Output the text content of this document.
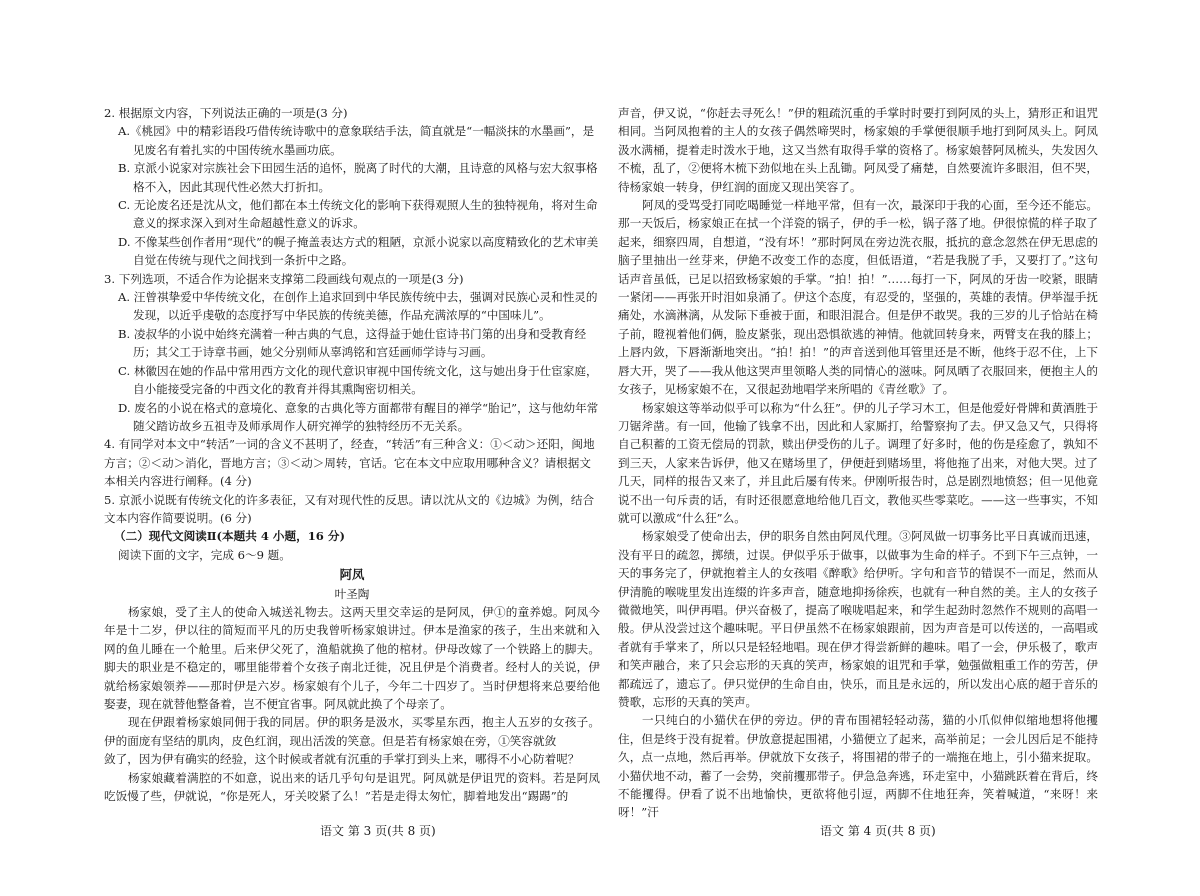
2. 根据原文内容，下列说法正确的一项是(3 分)

A.《桃园》中的精彩语段巧借传统诗歌中的意象联结手法，简直就是“一幅淡抹的水墨画”，是见废名有着扎实的中国传统水墨画功底。

B. 京派小说家对宗族社会下田园生活的追怀，脱离了时代的大潮，且诗意的风格与宏大叙事格格不入，因此其现代性必然大打折扣。

C. 无论废名还是沈从文，他们都在本土传统文化的影响下获得观照人生的独特视角，将对生命意义的探求深入到对生命超越性意义的诉求。

D. 不像某些创作者用“现代”的幌子掩盖表达方式的粗陋，京派小说家以高度精致化的艺术审美自觉在传统与现代之间找到一条折中之路。

3. 下列选项，不适合作为论据来支撑第二段画线句观点的一项是(3 分)

A. 汪曾祺挚爱中华传统文化，在创作上追求回到中华民族传统中去，强调对民族心灵和性灵的发现，以近乎虔敬的态度抒写中华民族的传统美德，作品充满浓厚的“中国味儿”。

B. 凌叔华的小说中始终充满着一种古典的气息，这得益于她仕宦诗书门第的出身和受教育经历；其父工于诗章书画，她父分别师从辜鸿铭和宫廷画师学诗与习画。

C. 林徽因在她的作品中常用西方文化的现代意识审视中国传统文化，这与她出身于仕宦家庭，自小能接受完备的中西文化的教育并得其熏陶密切相关。

D. 废名的小说在格式的意境化、意象的古典化等方面都带有醒目的禅学“胎记”，这与他幼年常随父踏访故乡五祖寺及师承周作人研究禅学的独特经历不无关系。

4. 有同学对本文中“转活”一词的含义不甚明了，经查，“转活”有三种含义：①＜动＞还阳，闽地方言；②＜动＞消化，晋地方言；③＜动＞周转，官话。它在本文中应取用哪种含义？请根据文本相关内容进行阐释。(4 分)

5. 京派小说既有传统文化的许多表征，又有对现代性的反思。请以沈从文的《边城》为例，结合文本内容作简要说明。(6 分)

（二）现代文阅读Ⅱ(本题共 4 小题，16 分)

阅读下面的文字，完成 6～9 题。

阿凤

叶圣陶

杨家娘，受了主人的使命入城送礼物去。这两天里交幸运的是阿凤，伊①的童养媳。阿凤今年是十二岁，伊以往的简短而平凡的历史我曾听杨家娘讲过。伊本是渔家的孩子，生出来就和入网的鱼儿睡在一个舱里。后来伊父死了，渔船就换了他的棺材。伊母改嫁了一个铁路上的脚夫。脚夫的职业是不稳定的，哪里能带着个女孩子南北迁徙，况且伊是个消费者。经村人的关说，伊就给杨家娘领养——那时伊是六岁。杨家娘有个儿子，今年二十四岁了。当时伊想将来总要给他娶妻，现在就替他整备着，岂不便宜省事。阿凤就此换了个母亲了。

现在伊跟着杨家娘同佣于我的同居。伊的职务是汲水，买零星东西，抱主人五岁的女孩子。伊的面庞有坚结的肌肉，皮色红润，现出活泼的笑意。但是若有杨家娘在旁，①笑容就敛

敛了，因为伊有确实的经验，这个时候或者就有沉重的手掌打到头上来，哪得不小心防着呢？

杨家娘藏着满腔的不如意，说出来的话几乎句句是诅咒。阿凤就是伊诅咒的资料。若是阿凤吃饭慢了些，伊就说，“你是死人，牙关咬紧了么！”若是走得太匆忙，脚着地发出“踢踢”的

声音，伊又说，“你赶去寻死么！”伊的粗疏沉重的手掌时时要打到阿凤的头上，猜形正和诅咒相同。当阿凤抱着的主人的女孩子偶然啼哭时，杨家娘的手掌便很顺手地打到阿凤头上。阿凤汲水满桶，提着走时泼水于地，这又当然有取得手掌的资格了。杨家娘替阿凤梳头，失发因久不梳，乱了，②便将木梳下劲似地在头上乱锄。阿凤受了痛楚，自然要流许多眼泪，但不哭，待杨家娘一转身，伊红润的面庞又现出笑容了。

阿凤的受骂受打同吃喝睡觉一样地平常，但有一次，最深印于我的心面，至今还不能忘。那一天饭后，杨家娘正在拭一个洋瓷的锅子，伊的手一松，锅子落了地。伊很惊慌的样子取了起来，细察四周，自想道，“没有坏！”那时阿凤在旁边洗衣服，抵抗的意念忽然在伊无思虑的脑子里抽出一丝芽来，伊絶不改变工作的态度，但低语道，“若是我脱了手，又要打了。”这句话声音虽低，已足以招致杨家娘的手掌。“拍！拍！”……每打一下，阿凤的牙齿一咬紧，眼睛一紧闭——再张开时泪如泉涌了。伊这个态度，有忍受的，坚强的，英雄的表情。伊举湿手抚痛处，水滴淋漓，从发际下垂被于面，和眼泪混合。但是伊不敢哭。我的三岁的儿子恰站在椅子前，瞪视着他们俩，脸皮紧张，现出恐惧欲逃的神情。他就回转身来，两臂支在我的膝上；上唇内敛，下唇渐渐地突出。“拍！拍！”的声音送到他耳管里还是不断，他终于忍不住，上下唇大开，哭了——我从他这哭声里领略人类的同情心的滋味。阿凤晒了衣服回来，便抱主人的女孩子，见杨家娘不在，又很起劲地唱学来所唱的《青丝歌》了。

杨家娘这等举动似乎可以称为“什么狂”。伊的儿子学习木工，但是他爱好骨牌和黄酒胜于刀锯斧凿。有一回，他输了钱拿不出，因此和人家厮打，给警察拘了去。伊又急又气，只得将自己积蓄的工资无偿局的罚款，赎出伊受伤的儿子。调理了好多时，他的伤是痊愈了，孰知不到三天，人家来告诉伊，他又在赌场里了，伊便赶到赌场里，将他拖了出来，对他大哭。过了几天，同样的报告又来了，并且此后屡有传来。伊刚听报告时，总是剧烈地愤怒；但一见他竟说不出一句斥责的话，有时还很愿意地给他几百文，教他买些零菜吃。——这一些事实，不知就可以激成“什么狂”么。

杨家娘受了使命出去，伊的职务自然由阿凤代理。③阿凤做一切事务比平日真诚而迅速，没有平日的疏忽，掷绩，过误。伊似乎乐于做事，以做事为生命的样子。不到下午三点钟，一天的事务完了，伊就抱着主人的女孩唱《醉歌》给伊听。字句和音节的错误不一而足，然而从伊清脆的喉咙里发出连缀的许多声音，随意地抑扬徐疾，也就有一种自然的美。主人的女孩子微微地笑，叫伊再唱。伊兴奋极了，提高了喉咙唱起来，和学生起劲时忽然作不规则的高唱一般。伊从没尝过这个趣味呢。平日伊虽然不在杨家娘跟前，因为声音是可以传送的，一高唱或者就有手掌来了，所以只是轻轻地唱。现在伊才得尝新鲜的趣味。唱了一会，伊乐极了，歌声和笑声融合，来了只会忘形的天真的笑声，杨家娘的诅咒和手掌，勉强做粗重工作的劳苦，伊都疏远了，遗忘了。伊只觉伊的生命自由，快乐，而且是永远的，所以发出心底的超于音乐的赞歌，忘形的天真的笑声。

一只纯白的小猫伏在伊的旁边。伊的青布围裙轻轻动荡，猫的小爪似伸似缩地想将他攫住，但是终于没有捉着。伊放意提起围裙，小猫便立了起来，高举前足；一会儿因后足不能持久，点一点地，然后再举。伊就放下女孩子，将围裙的带子的一端拖在地上，引小猫来捉取。小猫伏地不动，蓄了一会势，突前攫那带子。伊急急奔逃，环走室中，小猫跳跃着在背后，终不能攫得。伊看了说不出地愉快，更欲将他引逗，两脚不住地狂奔，笑着喊道，“来呀！来呀！”汗

语文 第 3 页(共 8 页)	语文 第 4 页(共 8 页)
